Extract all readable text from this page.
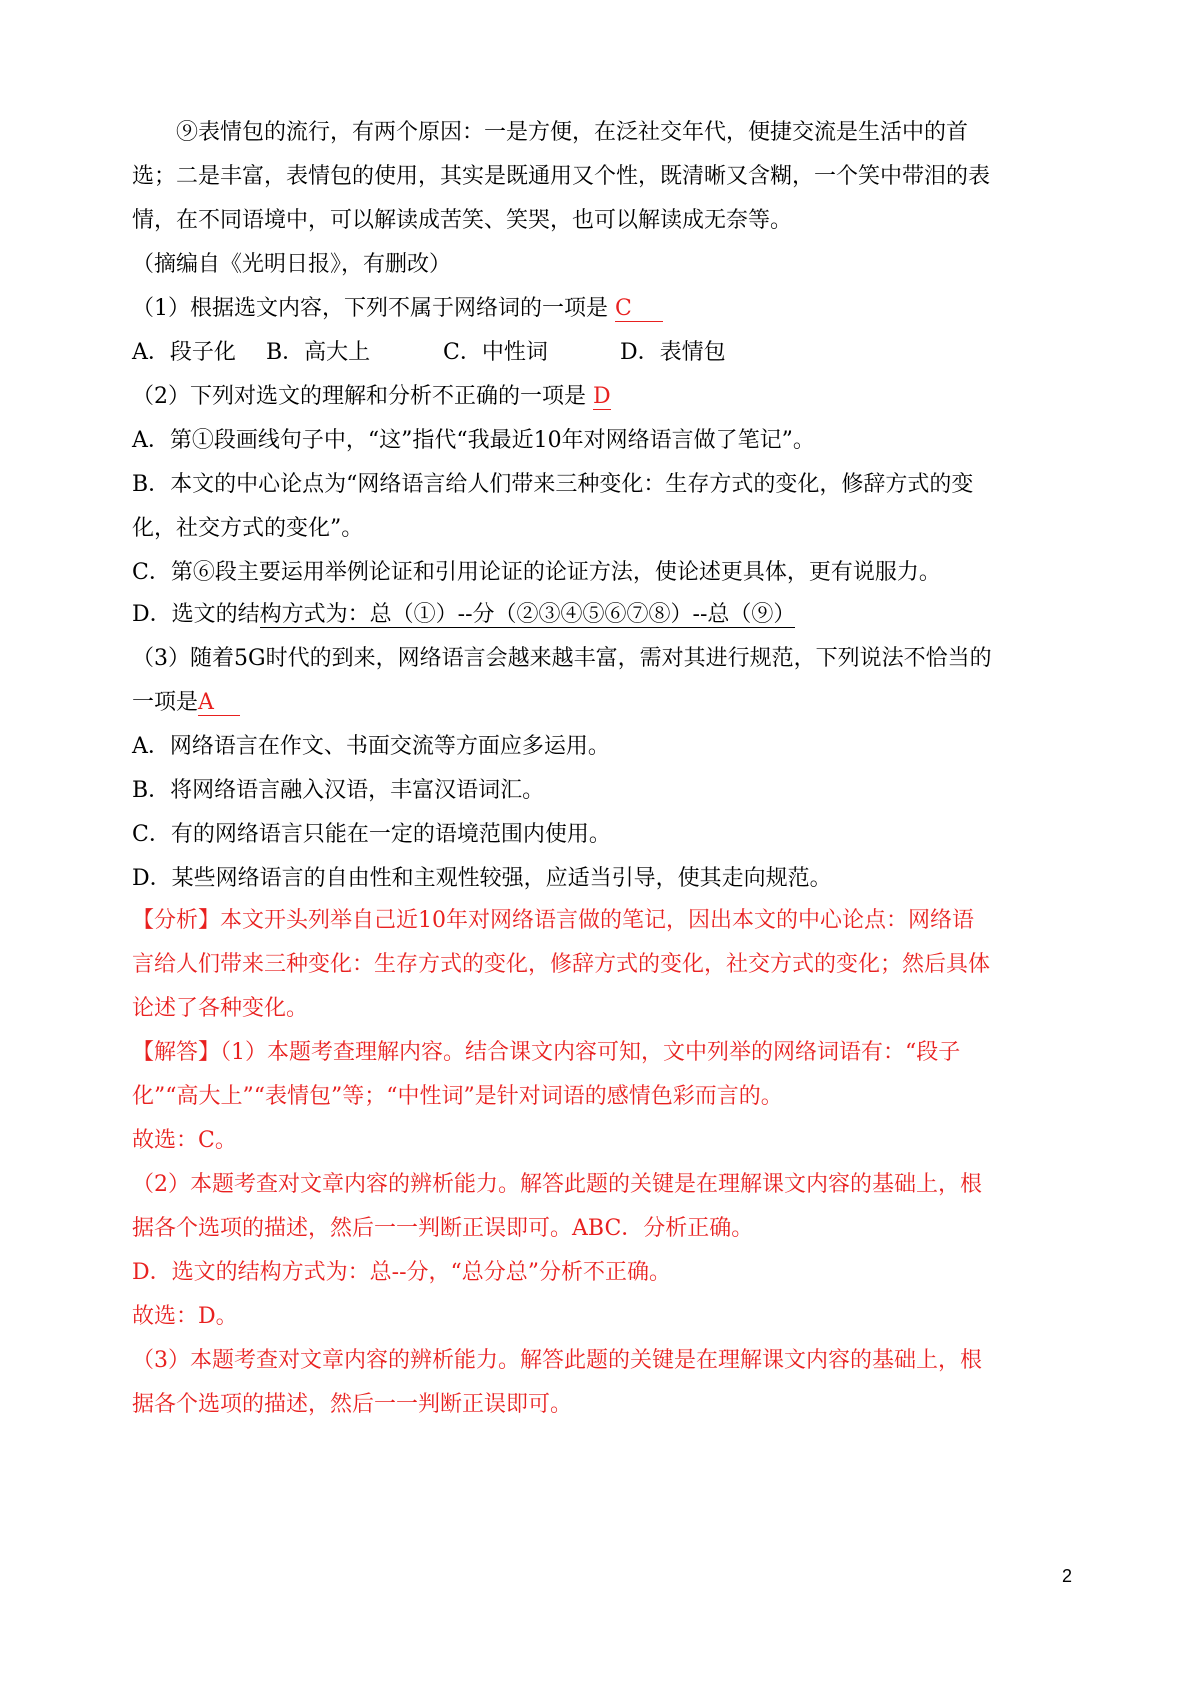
⑨表情包的流行，有两个原因：一是方便，在泛社交年代，便捷交流是生活中的首
选；二是丰富，表情包的使用，其实是既通用又个性，既清晰又含糊，一个笑中带泪的表
情，在不同语境中，可以解读成苦笑、笑哭，也可以解读成无奈等。
（摘编自《光明日报》，有删改）
（1）根据选文内容，下列不属于网络词的一项是 C
A．段子化 B．高大上	C．中性词	D．表情包
（2）下列对选文的理解和分析不正确的一项是 D
A．第①段画线句子中，“这”指代“我最近10年对网络语言做了笔记”。
B．本文的中心论点为“网络语言给人们带来三种变化：生存方式的变化，修辞方式的变
化，社交方式的变化”。
C．第⑥段主要运用举例论证和引用论证的论证方法，使论述更具体，更有说服力。
D．选文的结构方式为：总（①）--分（②③④⑤⑥⑦⑧）--总（⑨）
（3）随着5G时代的到来，网络语言会越来越丰富，需对其进行规范，下列说法不恰当的
一项是A
A．网络语言在作文、书面交流等方面应多运用。
B．将网络语言融入汉语，丰富汉语词汇。
C．有的网络语言只能在一定的语境范围内使用。
D．某些网络语言的自由性和主观性较强，应适当引导，使其走向规范。
【分析】本文开头列举自己近10年对网络语言做的笔记，因出本文的中心论点：网络语
言给人们带来三种变化：生存方式的变化，修辞方式的变化，社交方式的变化；然后具体
论述了各种变化。
【解答】（1）本题考查理解内容。结合课文内容可知，文中列举的网络词语有：“段子
化”“高大上”“表情包”等；“中性词”是针对词语的感情色彩而言的。
故选：C。
（2）本题考查对文章内容的辨析能力。解答此题的关键是在理解课文内容的基础上，根
据各个选项的描述，然后一一判断正误即可。ABC．分析正确。
D．选文的结构方式为：总--分，“总分总”分析不正确。
故选：D。
（3）本题考查对文章内容的辨析能力。解答此题的关键是在理解课文内容的基础上，根
据各个选项的描述，然后一一判断正误即可。
2
